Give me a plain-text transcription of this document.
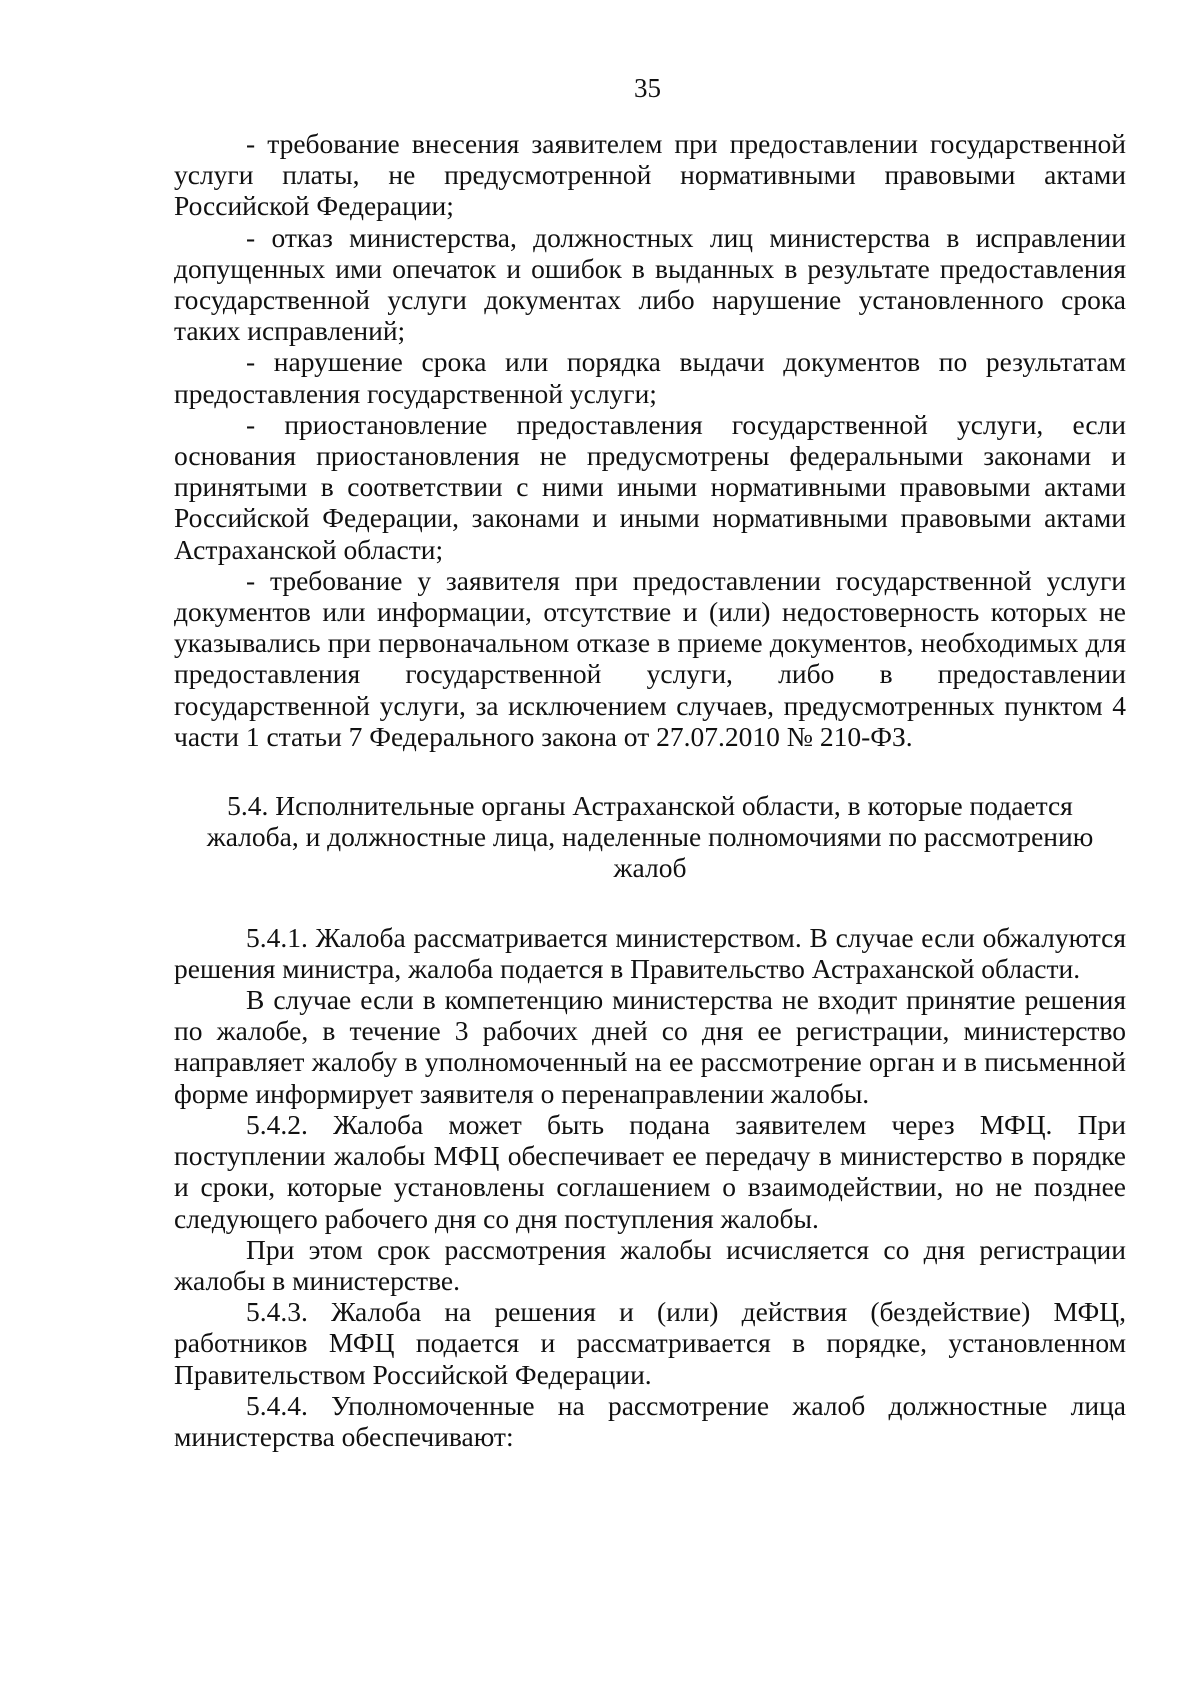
35

- требование внесения заявителем при предоставлении государственной услуги платы, не предусмотренной нормативными правовыми актами Российской Федерации;

- отказ министерства, должностных лиц министерства в исправлении допущенных ими опечаток и ошибок в выданных в результате предоставления государственной услуги документах либо нарушение установленного срока таких исправлений;

- нарушение срока или порядка выдачи документов по результатам предоставления государственной услуги;

- приостановление предоставления государственной услуги, если основания приостановления не предусмотрены федеральными законами и принятыми в соответствии с ними иными нормативными правовыми актами Российской Федерации, законами и иными нормативными правовыми актами Астраханской области;

- требование у заявителя при предоставлении государственной услуги документов или информации, отсутствие и (или) недостоверность которых не указывались при первоначальном отказе в приеме документов, необходимых для предоставления государственной услуги, либо в предоставлении государственной услуги, за исключением случаев, предусмотренных пунктом 4 части 1 статьи 7 Федерального закона от 27.07.2010 № 210-ФЗ.

5.4. Исполнительные органы Астраханской области, в которые подается жалоба, и должностные лица, наделенные полномочиями по рассмотрению жалоб

5.4.1. Жалоба рассматривается министерством. В случае если обжалуются решения министра, жалоба подается в Правительство Астраханской области.

В случае если в компетенцию министерства не входит принятие решения по жалобе, в течение 3 рабочих дней со дня ее регистрации, министерство направляет жалобу в уполномоченный на ее рассмотрение орган и в письменной форме информирует заявителя о перенаправлении жалобы.

5.4.2. Жалоба может быть подана заявителем через МФЦ. При поступлении жалобы МФЦ обеспечивает ее передачу в министерство в порядке и сроки, которые установлены соглашением о взаимодействии, но не позднее следующего рабочего дня со дня поступления жалобы.

При этом срок рассмотрения жалобы исчисляется со дня регистрации жалобы в министерстве.

5.4.3. Жалоба на решения и (или) действия (бездействие) МФЦ, работников МФЦ подается и рассматривается в порядке, установленном Правительством Российской Федерации.

5.4.4. Уполномоченные на рассмотрение жалоб должностные лица министерства обеспечивают:
